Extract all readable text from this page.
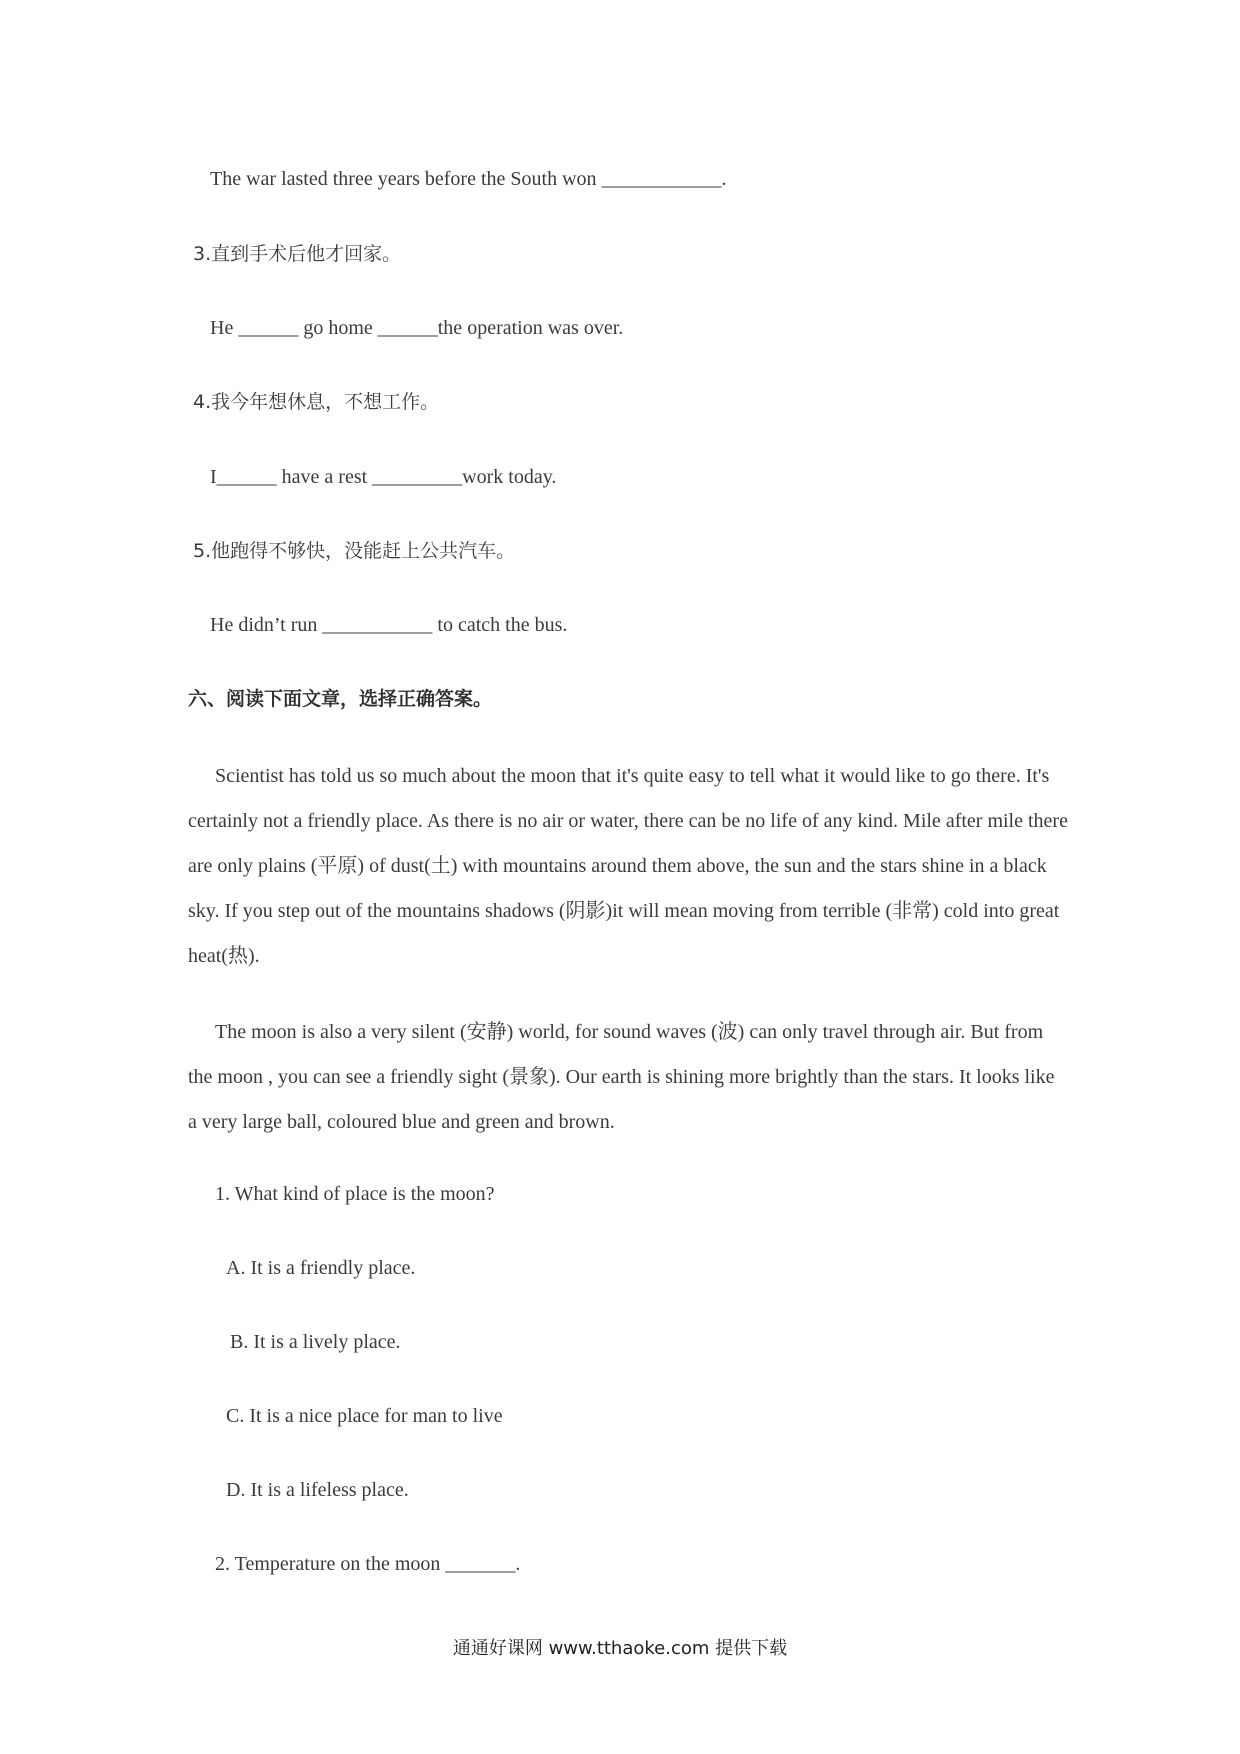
The war lasted three years before the South won ____________.
3.直到手术后他才回家。
He ______ go home ______the operation was over.
4.我今年想休息，不想工作。
I______ have a rest _________work today.
5.他跑得不够快，没能赶上公共汽车。
He didn’t run ___________ to catch the bus.
六、阅读下面文章，选择正确答案。
Scientist has told us so much about the moon that it's quite easy to tell what it would like to go there. It's certainly not a friendly place. As there is no air or water, there can be no life of any kind. Mile after mile there are only plains (平原) of dust(土) with mountains around them above, the sun and the stars shine in a black sky. If you step out of the mountains shadows (阴影)it will mean moving from terrible (非常) cold into great heat(热).
The moon is also a very silent (安静) world, for sound waves (波) can only travel through air. But from the moon , you can see a friendly sight (景象). Our earth is shining more brightly than the stars. It looks like a very large ball, coloured blue and green and brown.
1. What kind of place is the moon?
A. It is a friendly place.
B. It is a lively place.
C. It is a nice place for man to live
D. It is a lifeless place.
2. Temperature on the moon _______.
通通好课网 www.tthaoke.com 提供下载
